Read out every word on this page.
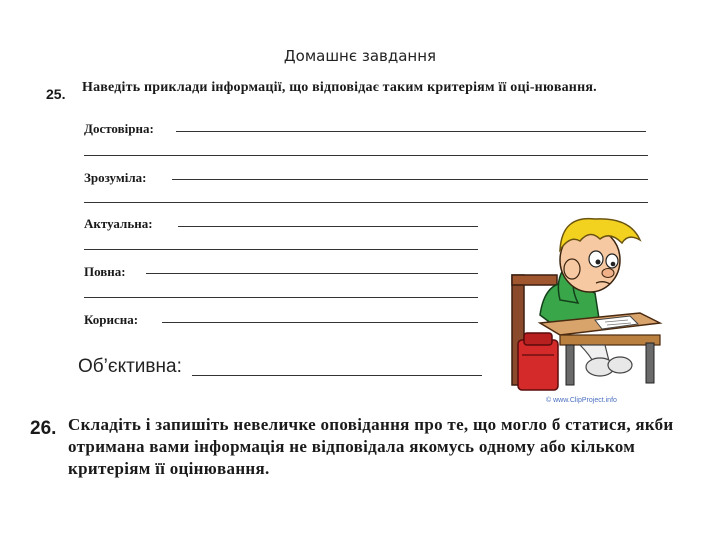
Домашнє завдання
25. Наведіть приклади інформації, що відповідає таким критеріям її оці-нювання.
Достовірна:
Зрозуміла:
Актуальна:
Повна:
Корисна:
Об’єктивна:
© www.ClipProject.info
26. Складіть і запишіть невеличке оповідання про те, що могло б статися, якби отримана вами інформація не відповідала якомусь одному або кільком критеріям її оцінювання.
